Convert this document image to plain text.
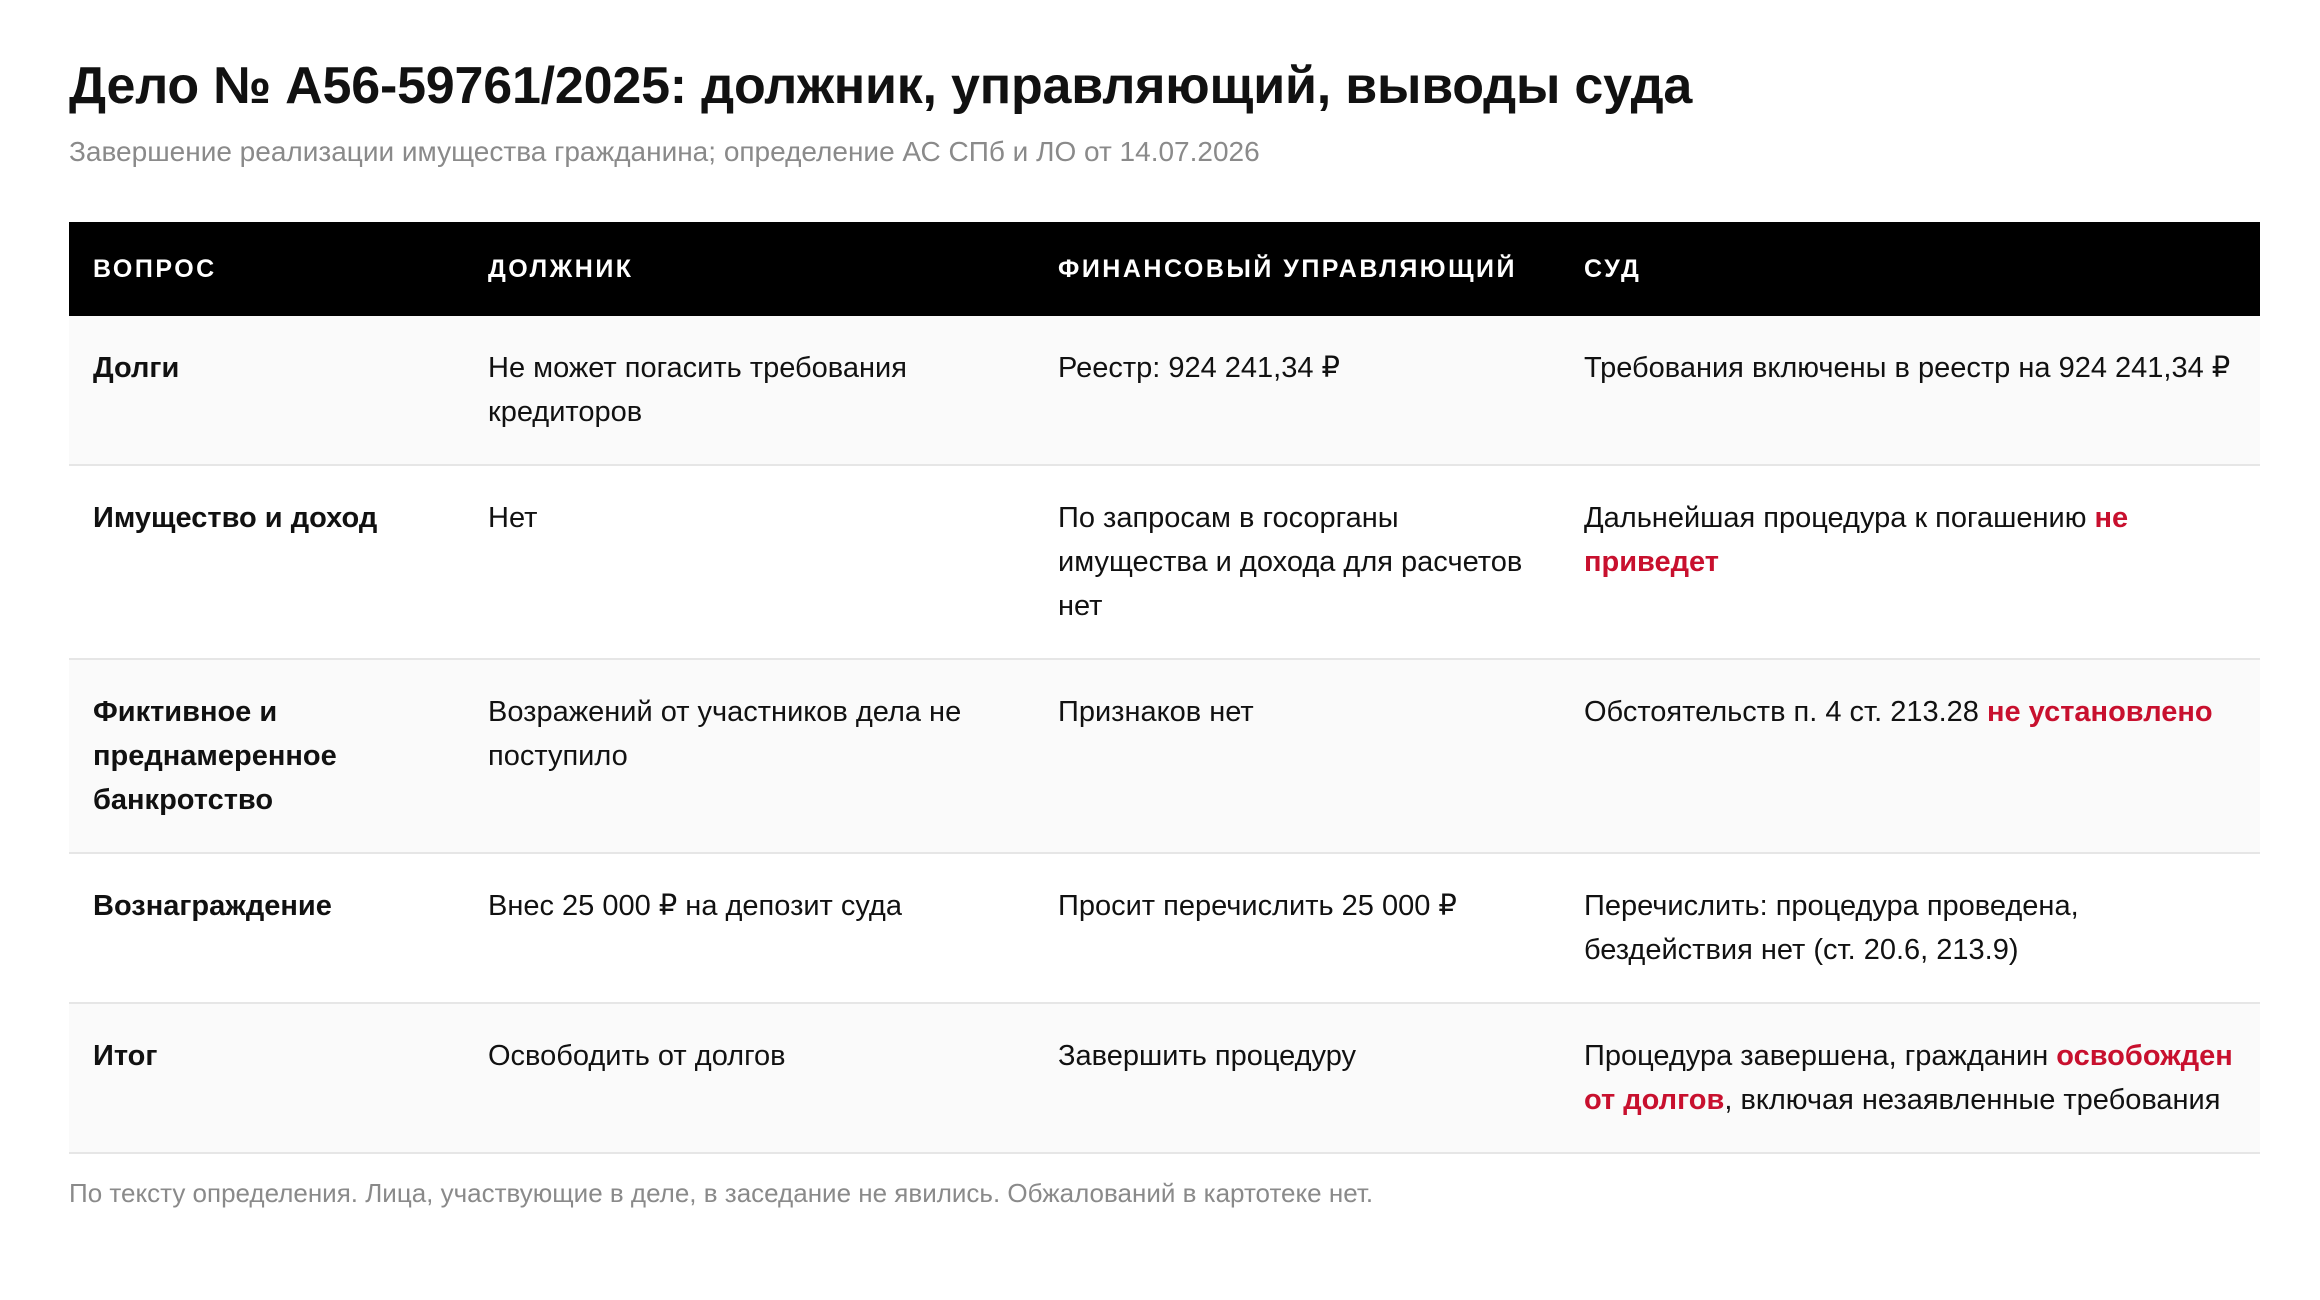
Дело № А56-59761/2025: должник, управляющий, выводы суда

Завершение реализации имущества гражданина; определение АС СПб и ЛО от 14.07.2026

ВОПРОС	ДОЛЖНИК	ФИНАНСОВЫЙ УПРАВЛЯЮЩИЙ	СУД
Долги	Не может погасить требования кредиторов	Реестр: 924 241,34 ₽	Требования включены в реестр на 924 241,34 ₽
Имущество и доход	Нет	По запросам в госорганы имущества и дохода для расчетов нет	Дальнейшая процедура к погашению не приведет
Фиктивное и преднамеренное банкротство	Возражений от участников дела не поступило	Признаков нет	Обстоятельств п. 4 ст. 213.28 не установлено
Вознаграждение	Внес 25 000 ₽ на депозит суда	Просит перечислить 25 000 ₽	Перечислить: процедура проведена, бездействия нет (ст. 20.6, 213.9)
Итог	Освободить от долгов	Завершить процедуру	Процедура завершена, гражданин освобожден от долгов, включая незаявленные требования
По тексту определения. Лица, участвующие в деле, в заседание не явились. Обжалований в картотеке нет.
